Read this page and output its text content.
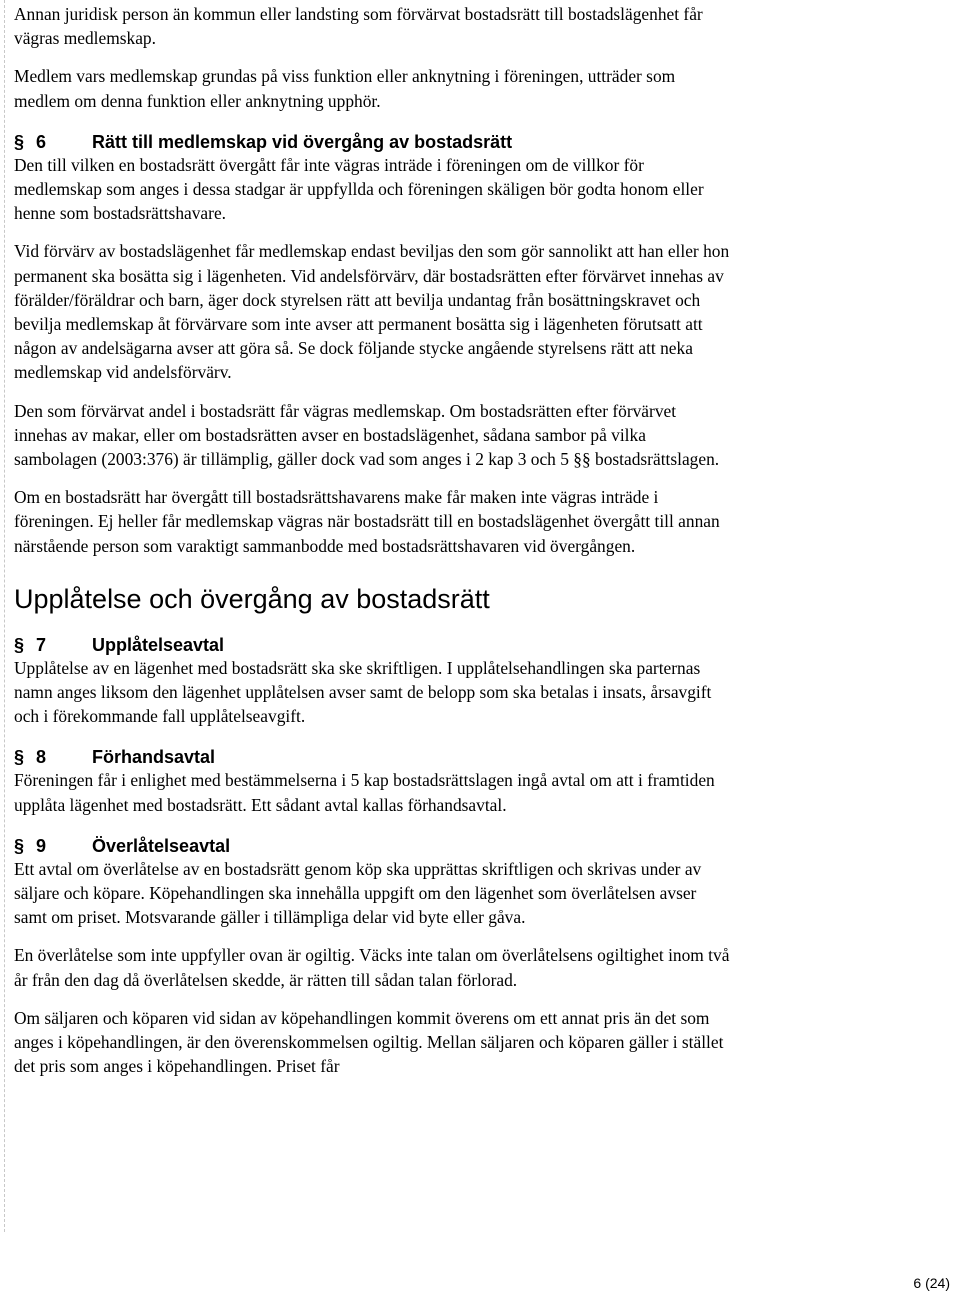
Annan juridisk person än kommun eller landsting som förvärvat bostadsrätt till bostadslägenhet får vägras medlemskap.

Medlem vars medlemskap grundas på viss funktion eller anknytning i föreningen, utträder som medlem om denna funktion eller anknytning upphör.

§ 6	Rätt till medlemskap vid övergång av bostadsrätt

Den till vilken en bostadsrätt övergått får inte vägras inträde i föreningen om de villkor för medlemskap som anges i dessa stadgar är uppfyllda och föreningen skäligen bör godta honom eller henne som bostadsrättshavare.

Vid förvärv av bostadslägenhet får medlemskap endast beviljas den som gör sannolikt att han eller hon permanent ska bosätta sig i lägenheten. Vid andelsförvärv, där bostadsrätten efter förvärvet innehas av förälder/föräldrar och barn, äger dock styrelsen rätt att bevilja undantag från bosättningskravet och bevilja medlemskap åt förvärvare som inte avser att permanent bosätta sig i lägenheten förutsatt att någon av andelsägarna avser att göra så. Se dock följande stycke angående styrelsens rätt att neka medlemskap vid andelsförvärv.

Den som förvärvat andel i bostadsrätt får vägras medlemskap. Om bostadsrätten efter förvärvet innehas av makar, eller om bostadsrätten avser en bostadslägenhet, sådana sambor på vilka sambolagen (2003:376) är tillämplig, gäller dock vad som anges i 2 kap 3 och 5 §§ bostadsrättslagen.

Om en bostadsrätt har övergått till bostadsrättshavarens make får maken inte vägras inträde i föreningen. Ej heller får medlemskap vägras när bostadsrätt till en bostadslägenhet övergått till annan närstående person som varaktigt sammanbodde med bostadsrättshavaren vid övergången.

Upplåtelse och övergång av bostadsrätt
§ 7	Upplåtelseavtal

Upplåtelse av en lägenhet med bostadsrätt ska ske skriftligen. I upplåtelsehandlingen ska parternas namn anges liksom den lägenhet upplåtelsen avser samt de belopp som ska betalas i insats, årsavgift och i förekommande fall upplåtelseavgift.

§ 8	Förhandsavtal

Föreningen får i enlighet med bestämmelserna i 5 kap bostadsrättslagen ingå avtal om att i framtiden upplåta lägenhet med bostadsrätt. Ett sådant avtal kallas förhandsavtal.

§ 9	Överlåtelseavtal

Ett avtal om överlåtelse av en bostadsrätt genom köp ska upprättas skriftligen och skrivas under av säljare och köpare. Köpehandlingen ska innehålla uppgift om den lägenhet som överlåtelsen avser samt om priset. Motsvarande gäller i tillämpliga delar vid byte eller gåva.

En överlåtelse som inte uppfyller ovan är ogiltig. Väcks inte talan om överlåtelsens ogiltighet inom två år från den dag då överlåtelsen skedde, är rätten till sådan talan förlorad.

Om säljaren och köparen vid sidan av köpehandlingen kommit överens om ett annat pris än det som anges i köpehandlingen, är den överenskommelsen ogiltig. Mellan säljaren och köparen gäller i stället det pris som anges i köpehandlingen. Priset får

6 (24)
